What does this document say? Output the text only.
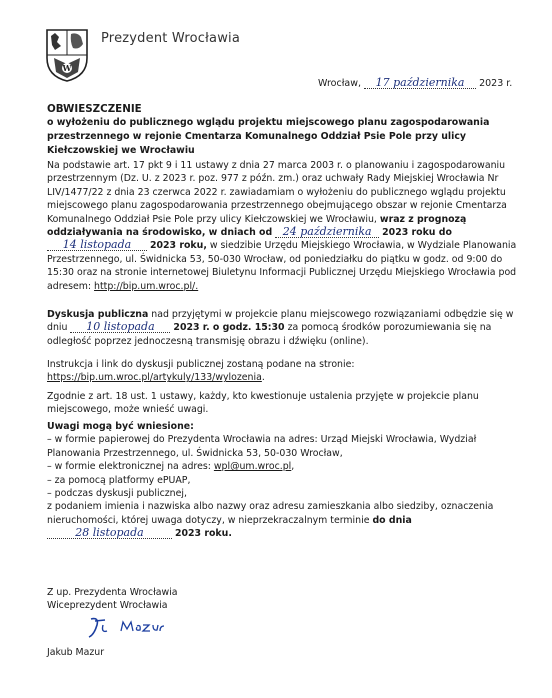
W
Prezydent Wrocławia
Wrocław, 17 października 2023 r.
OBWIESZCZENIE
o wyłożeniu do publicznego wglądu projektu miejscowego planu zagospodarowania przestrzennego w rejonie Cmentarza Komunalnego Oddział Psie Pole przy ulicy Kiełczowskiej we Wrocławiu
Na podstawie art. 17 pkt 9 i 11 ustawy z dnia 27 marca 2003 r. o planowaniu i zagospodarowaniu przestrzennym (Dz. U. z 2023 r. poz. 977 z późn. zm.) oraz uchwały Rady Miejskiej Wrocławia Nr LIV/1477/22 z dnia 23 czerwca 2022 r. zawiadamiam o wyłożeniu do publicznego wglądu projektu miejscowego planu zagospodarowania przestrzennego obejmującego obszar w rejonie Cmentarza Komunalnego Oddział Psie Pole przy ulicy Kiełczowskiej we Wrocławiu, wraz z prognozą oddziaływania na środowisko, w dniach od 24 października 2023 roku do 14 listopada 2023 roku, w siedzibie Urzędu Miejskiego Wrocławia, w Wydziale Planowania Przestrzennego, ul. Świdnicka 53, 50-030 Wrocław, od poniedziałku do piątku w godz. od 9:00 do 15:30 oraz na stronie internetowej Biuletynu Informacji Publicznej Urzędu Miejskiego Wrocławia pod adresem: http://bip.um.wroc.pl/.
Dyskusja publiczna nad przyjętymi w projekcie planu miejscowego rozwiązaniami odbędzie się w dniu 10 listopada 2023 r. o godz. 15:30 za pomocą środków porozumiewania się na odległość poprzez jednoczesną transmisję obrazu i dźwięku (online).
Instrukcja i link do dyskusji publicznej zostaną podane na stronie: https://bip.um.wroc.pl/artykuly/133/wylozenia.
Zgodnie z art. 18 ust. 1 ustawy, każdy, kto kwestionuje ustalenia przyjęte w projekcie planu miejscowego, może wnieść uwagi.
Uwagi mogą być wniesione:
– w formie papierowej do Prezydenta Wrocławia na adres: Urząd Miejski Wrocławia, Wydział Planowania Przestrzennego, ul. Świdnicka 53, 50-030 Wrocław,
– w formie elektronicznej na adres: wpl@um.wroc.pl,
– za pomocą platformy ePUAP,
– podczas dyskusji publicznej,
z podaniem imienia i nazwiska albo nazwy oraz adresu zamieszkania albo siedziby, oznaczenia nieruchomości, której uwaga dotyczy, w nieprzekraczalnym terminie do dnia
28 listopada	2023 roku.
Z up. Prezydenta Wrocławia
Wiceprezydent Wrocławia
Jakub Mazur
